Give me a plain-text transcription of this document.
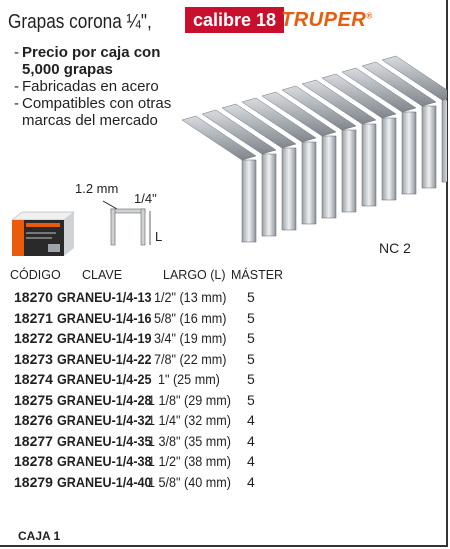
Grapas corona ¼",	calibre 18 TRUPER®
- Precio por caja con
5,000 grapas
- Fabricadas en acero
- Compatibles con otras
marcas del mercado
1.2 mm
1/4"
L
NC 2
CÓDIGO CLAVE	LARGO (L) MÁSTER
18270 GRANEU-1/4-13 1/2" (13 mm) 5
18271 GRANEU-1/4-16 5/8" (16 mm) 5
18272 GRANEU-1/4-19 3/4" (19 mm) 5
18273 GRANEU-1/4-22 7/8" (22 mm) 5
18274 GRANEU-1/4-25 1" (25 mm) 5
18275 GRANEU-1/4-28
1 1/8" (29 mm) 5
18276 GRANEU-1/4-32
1 1/4" (32 mm) 4
18277 GRANEU-1/4-35
1 3/8" (35 mm) 4
18278 GRANEU-1/4-38
1 1/2" (38 mm) 4
18279 GRANEU-1/4-40
1 5/8" (40 mm) 4
CAJA 1
